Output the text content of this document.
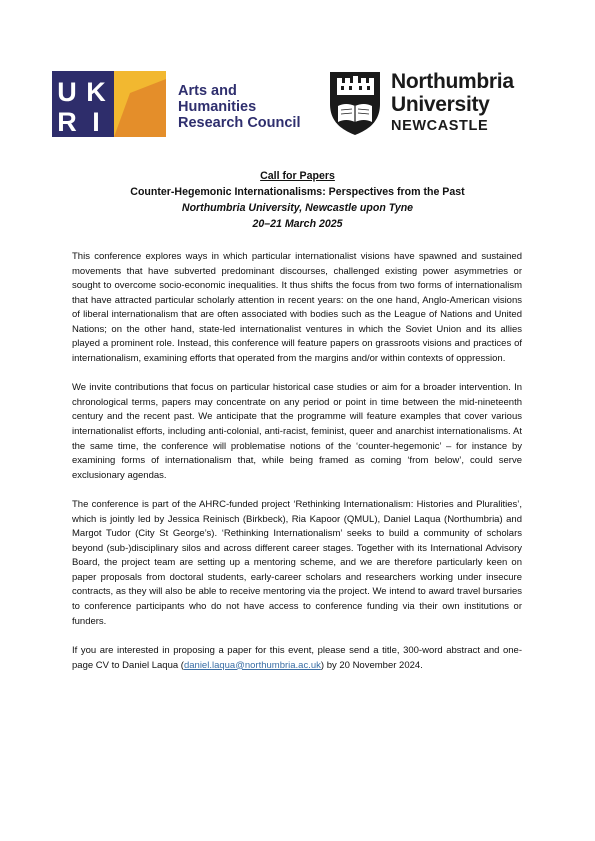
U K
R I
Arts and
Humanities
Research Council
Northumbria
University
NEWCASTLE
Call for Papers
Counter-Hegemonic Internationalisms: Perspectives from the Past
Northumbria University, Newcastle upon Tyne
20–21 March 2025

This conference explores ways in which particular internationalist visions have spawned and sustained movements that have subverted predominant discourses, challenged existing power asymmetries or sought to overcome socio-economic inequalities. It thus shifts the focus from two forms of internationalism that have attracted particular scholarly attention in recent years: on the one hand, Anglo-American visions of liberal internationalism that are often associated with bodies such as the League of Nations and United Nations; on the other hand, state-led internationalist ventures in which the Soviet Union and its allies played a prominent role. Instead, this conference will feature papers on grassroots visions and practices of internationalism, examining efforts that operated from the margins and/or within contexts of oppression.

We invite contributions that focus on particular historical case studies or aim for a broader intervention. In chronological terms, papers may concentrate on any period or point in time between the mid-nineteenth century and the recent past. We anticipate that the programme will feature examples that cover various internationalist efforts, including anti-colonial, anti-racist, feminist, queer and anarchist internationalisms. At the same time, the conference will problematise notions of the ‘counter-hegemonic’ – for instance by examining forms of internationalism that, while being framed as coming ‘from below’, could serve exclusionary agendas.

The conference is part of the AHRC-funded project ‘Rethinking Internationalism: Histories and Pluralities’, which is jointly led by Jessica Reinisch (Birkbeck), Ria Kapoor (QMUL), Daniel Laqua (Northumbria) and Margot Tudor (City St George’s). ‘Rethinking Internationalism’ seeks to build a community of scholars beyond (sub-)disciplinary silos and across different career stages. Together with its International Advisory Board, the project team are setting up a mentoring scheme, and we are therefore particularly keen on paper proposals from doctoral students, early-career scholars and researchers working under insecure contracts, as they will also be able to receive mentoring via the project. We intend to award travel bursaries to conference participants who do not have access to conference funding via their own institutions or funders.

If you are interested in proposing a paper for this event, please send a title, 300-word abstract and one-page CV to Daniel Laqua (daniel.laqua@northumbria.ac.uk) by 20 November 2024.
